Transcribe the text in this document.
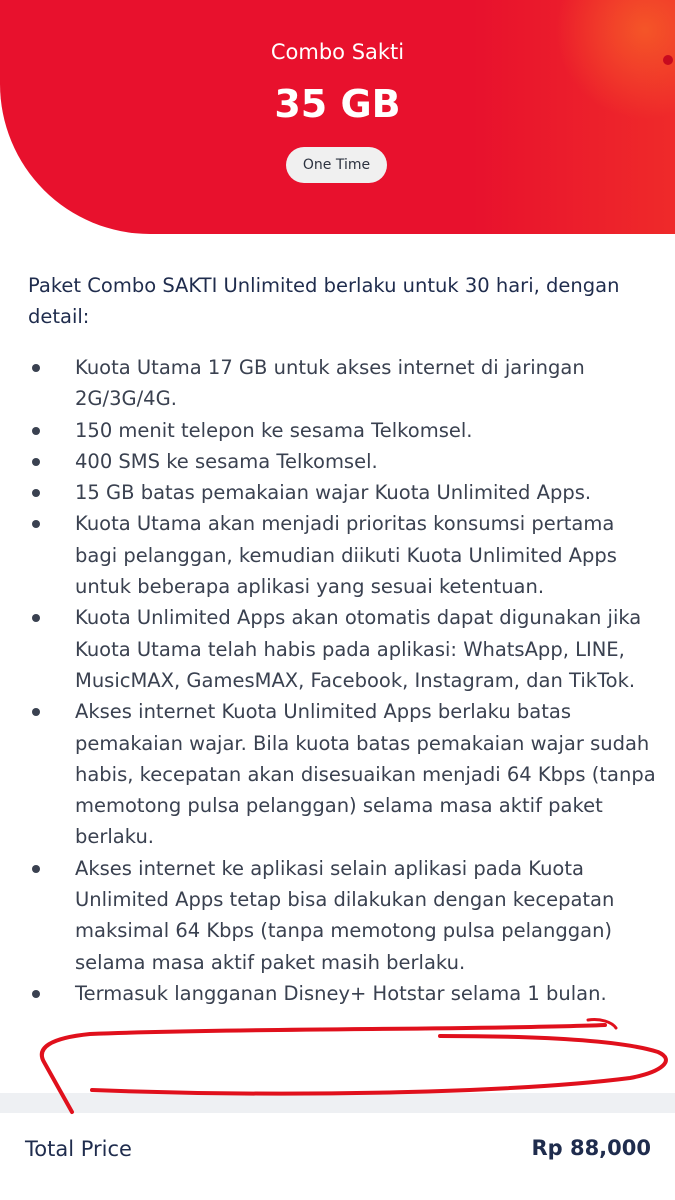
Combo Sakti
35 GB
One Time

Paket Combo SAKTI Unlimited berlaku untuk 30 hari, dengan detail:

Kuota Utama 17 GB untuk akses internet di jaringan 2G/3G/4G.
150 menit telepon ke sesama Telkomsel.
400 SMS ke sesama Telkomsel.
15 GB batas pemakaian wajar Kuota Unlimited Apps.
Kuota Utama akan menjadi prioritas konsumsi pertama bagi pelanggan, kemudian diikuti Kuota Unlimited Apps untuk beberapa aplikasi yang sesuai ketentuan.
Kuota Unlimited Apps akan otomatis dapat digunakan jika Kuota Utama telah habis pada aplikasi: WhatsApp, LINE, MusicMAX, GamesMAX, Facebook, Instagram, dan TikTok.
Akses internet Kuota Unlimited Apps berlaku batas pemakaian wajar. Bila kuota batas pemakaian wajar sudah habis, kecepatan akan disesuaikan menjadi 64 Kbps (tanpa memotong pulsa pelanggan) selama masa aktif paket berlaku.
Akses internet ke aplikasi selain aplikasi pada Kuota Unlimited Apps tetap bisa dilakukan dengan kecepatan maksimal 64 Kbps (tanpa memotong pulsa pelanggan) selama masa aktif paket masih berlaku.
Termasuk langganan Disney+ Hotstar selama 1 bulan.
Total Price	Rp 88,000
